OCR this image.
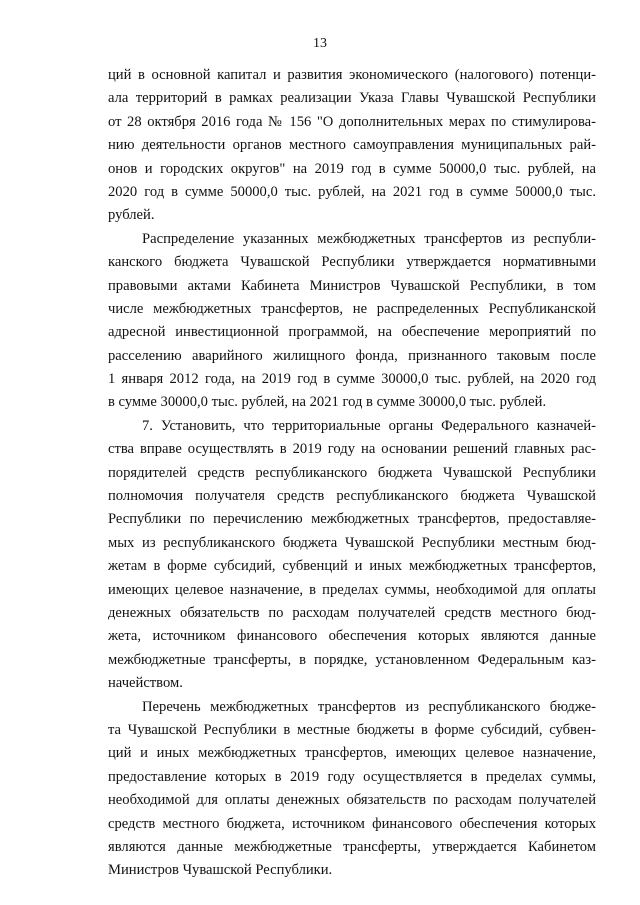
13
ций в основной капитал и развития экономического (налогового) потенци-
ала территорий в рамках реализации Указа Главы Чувашской Республики
от 28 октября 2016 года № 156 "О дополнительных мерах по стимулирова-
нию деятельности органов местного самоуправления муниципальных рай-
онов и городских округов" на 2019 год в сумме 50000,0 тыс. рублей, на
2020 год в сумме 50000,0 тыс. рублей, на 2021 год в сумме 50000,0 тыс.
рублей.
Распределение указанных межбюджетных трансфертов из республи-
канского бюджета Чувашской Республики утверждается нормативными
правовыми актами Кабинета Министров Чувашской Республики, в том
числе межбюджетных трансфертов, не распределенных Республиканской
адресной инвестиционной программой, на обеспечение мероприятий по
расселению аварийного жилищного фонда, признанного таковым после
1 января 2012 года, на 2019 год в сумме 30000,0 тыс. рублей, на 2020 год
в сумме 30000,0 тыс. рублей, на 2021 год в сумме 30000,0 тыс. рублей.
7. Установить, что территориальные органы Федерального казначей-
ства вправе осуществлять в 2019 году на основании решений главных рас-
порядителей средств республиканского бюджета Чувашской Республики
полномочия получателя средств республиканского бюджета Чувашской
Республики по перечислению межбюджетных трансфертов, предоставляе-
мых из республиканского бюджета Чувашской Республики местным бюд-
жетам в форме субсидий, субвенций и иных межбюджетных трансфертов,
имеющих целевое назначение, в пределах суммы, необходимой для оплаты
денежных обязательств по расходам получателей средств местного бюд-
жета, источником финансового обеспечения которых являются данные
межбюджетные трансферты, в порядке, установленном Федеральным каз-
начейством.
Перечень межбюджетных трансфертов из республиканского бюдже-
та Чувашской Республики в местные бюджеты в форме субсидий, субвен-
ций и иных межбюджетных трансфертов, имеющих целевое назначение,
предоставление которых в 2019 году осуществляется в пределах суммы,
необходимой для оплаты денежных обязательств по расходам получателей
средств местного бюджета, источником финансового обеспечения которых
являются данные межбюджетные трансферты, утверждается Кабинетом
Министров Чувашской Республики.
